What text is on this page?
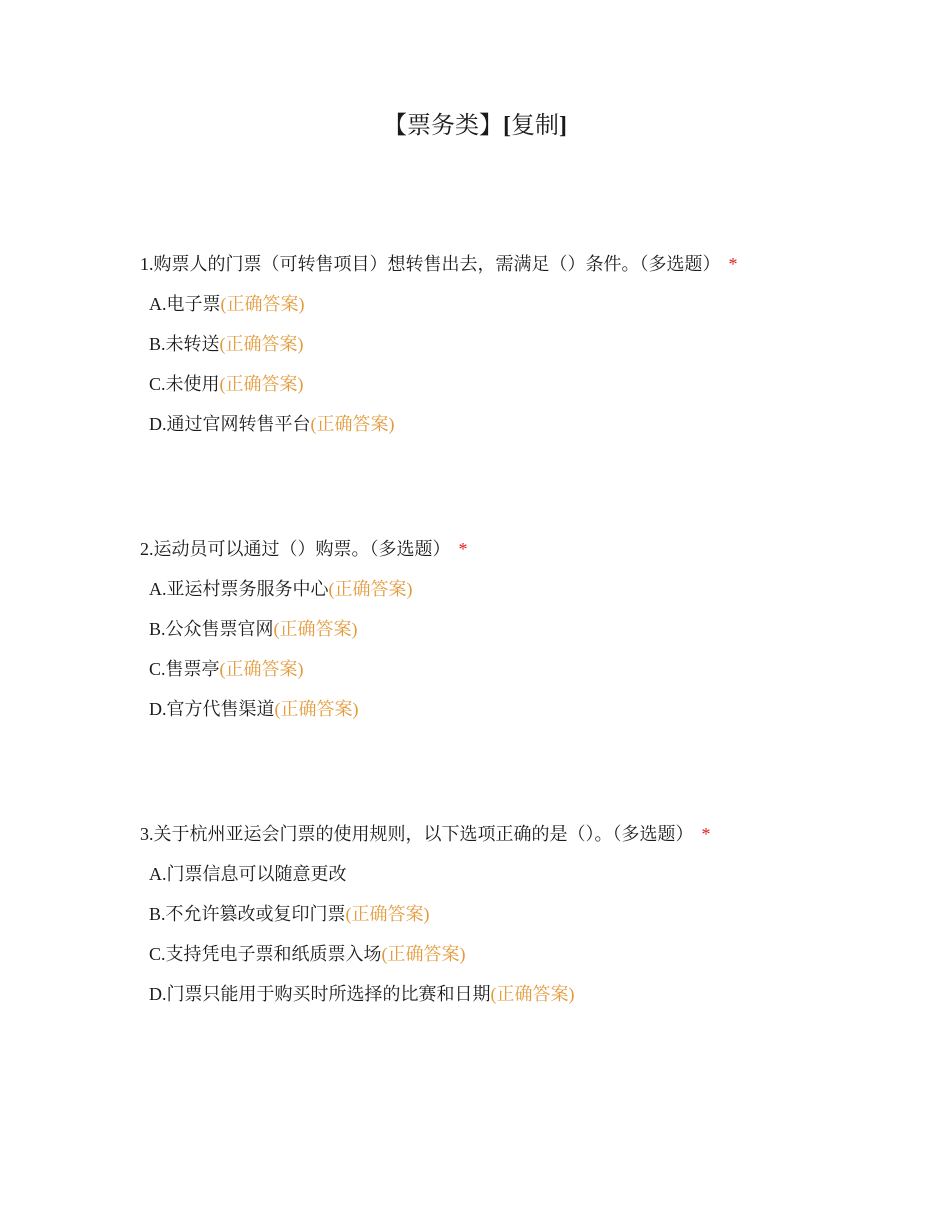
【票务类】[复制]
1.购票人的门票（可转售项目）想转售出去，需满足（）条件。（多选题） *
A.电子票(正确答案)
B.未转送(正确答案)
C.未使用(正确答案)
D.通过官网转售平台(正确答案)
2.运动员可以通过（）购票。（多选题） *
A.亚运村票务服务中心(正确答案)
B.公众售票官网(正确答案)
C.售票亭(正确答案)
D.官方代售渠道(正确答案)
3.关于杭州亚运会门票的使用规则，以下选项正确的是（）。（多选题） *
A.门票信息可以随意更改
B.不允许篡改或复印门票(正确答案)
C.支持凭电子票和纸质票入场(正确答案)
D.门票只能用于购买时所选择的比赛和日期(正确答案)
